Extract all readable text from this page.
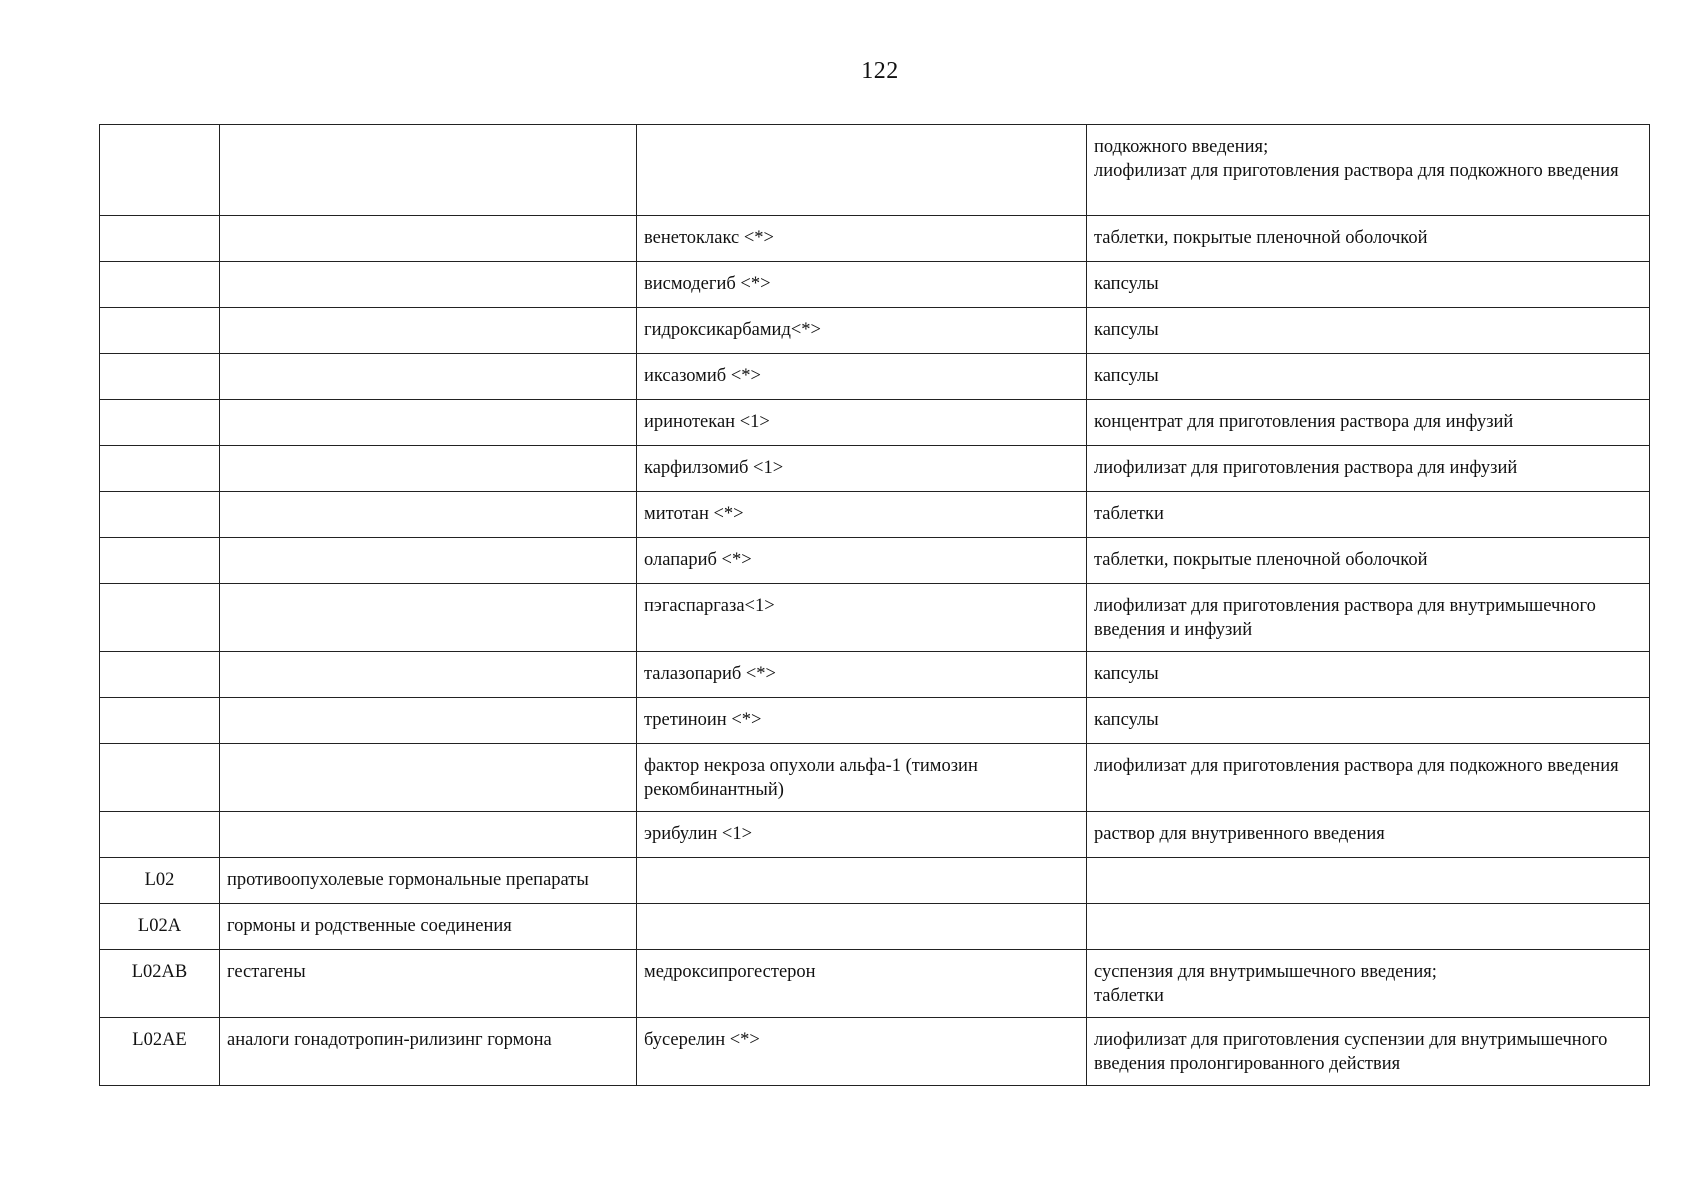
122

			подкожного введения;
лиофилизат для приготовления раствора для подкожного введения

		венетоклакс <*>	таблетки, покрытые пленочной оболочкой

		висмодегиб <*>	капсулы

		гидроксикарбамид<*>	капсулы

		иксазомиб <*>	капсулы

		иринотекан <1>	концентрат для приготовления раствора для инфузий

		карфилзомиб <1>	лиофилизат для приготовления раствора для инфузий

		митотан <*>	таблетки

		олапариб <*>	таблетки, покрытые пленочной оболочкой

		пэгаспаргаза<1>	лиофилизат для приготовления раствора для внутримышечного введения и инфузий

		талазопариб <*>	капсулы

		третиноин <*>	капсулы

		фактор некроза опухоли альфа-1 (тимозин рекомбинантный)	лиофилизат для приготовления раствора для подкожного введения

		эрибулин <1>	раствор для внутривенного введения

L02	противоопухолевые гормональные препараты		

L02A	гормоны и родственные соединения		

L02AB	гестагены	медроксипрогестерон	суспензия для внутримышечного введения;
таблетки

L02AE	аналоги гонадотропин-рилизинг гормона	бусерелин <*>	лиофилизат для приготовления суспензии для внутримышечного введения пролонгированного действия
